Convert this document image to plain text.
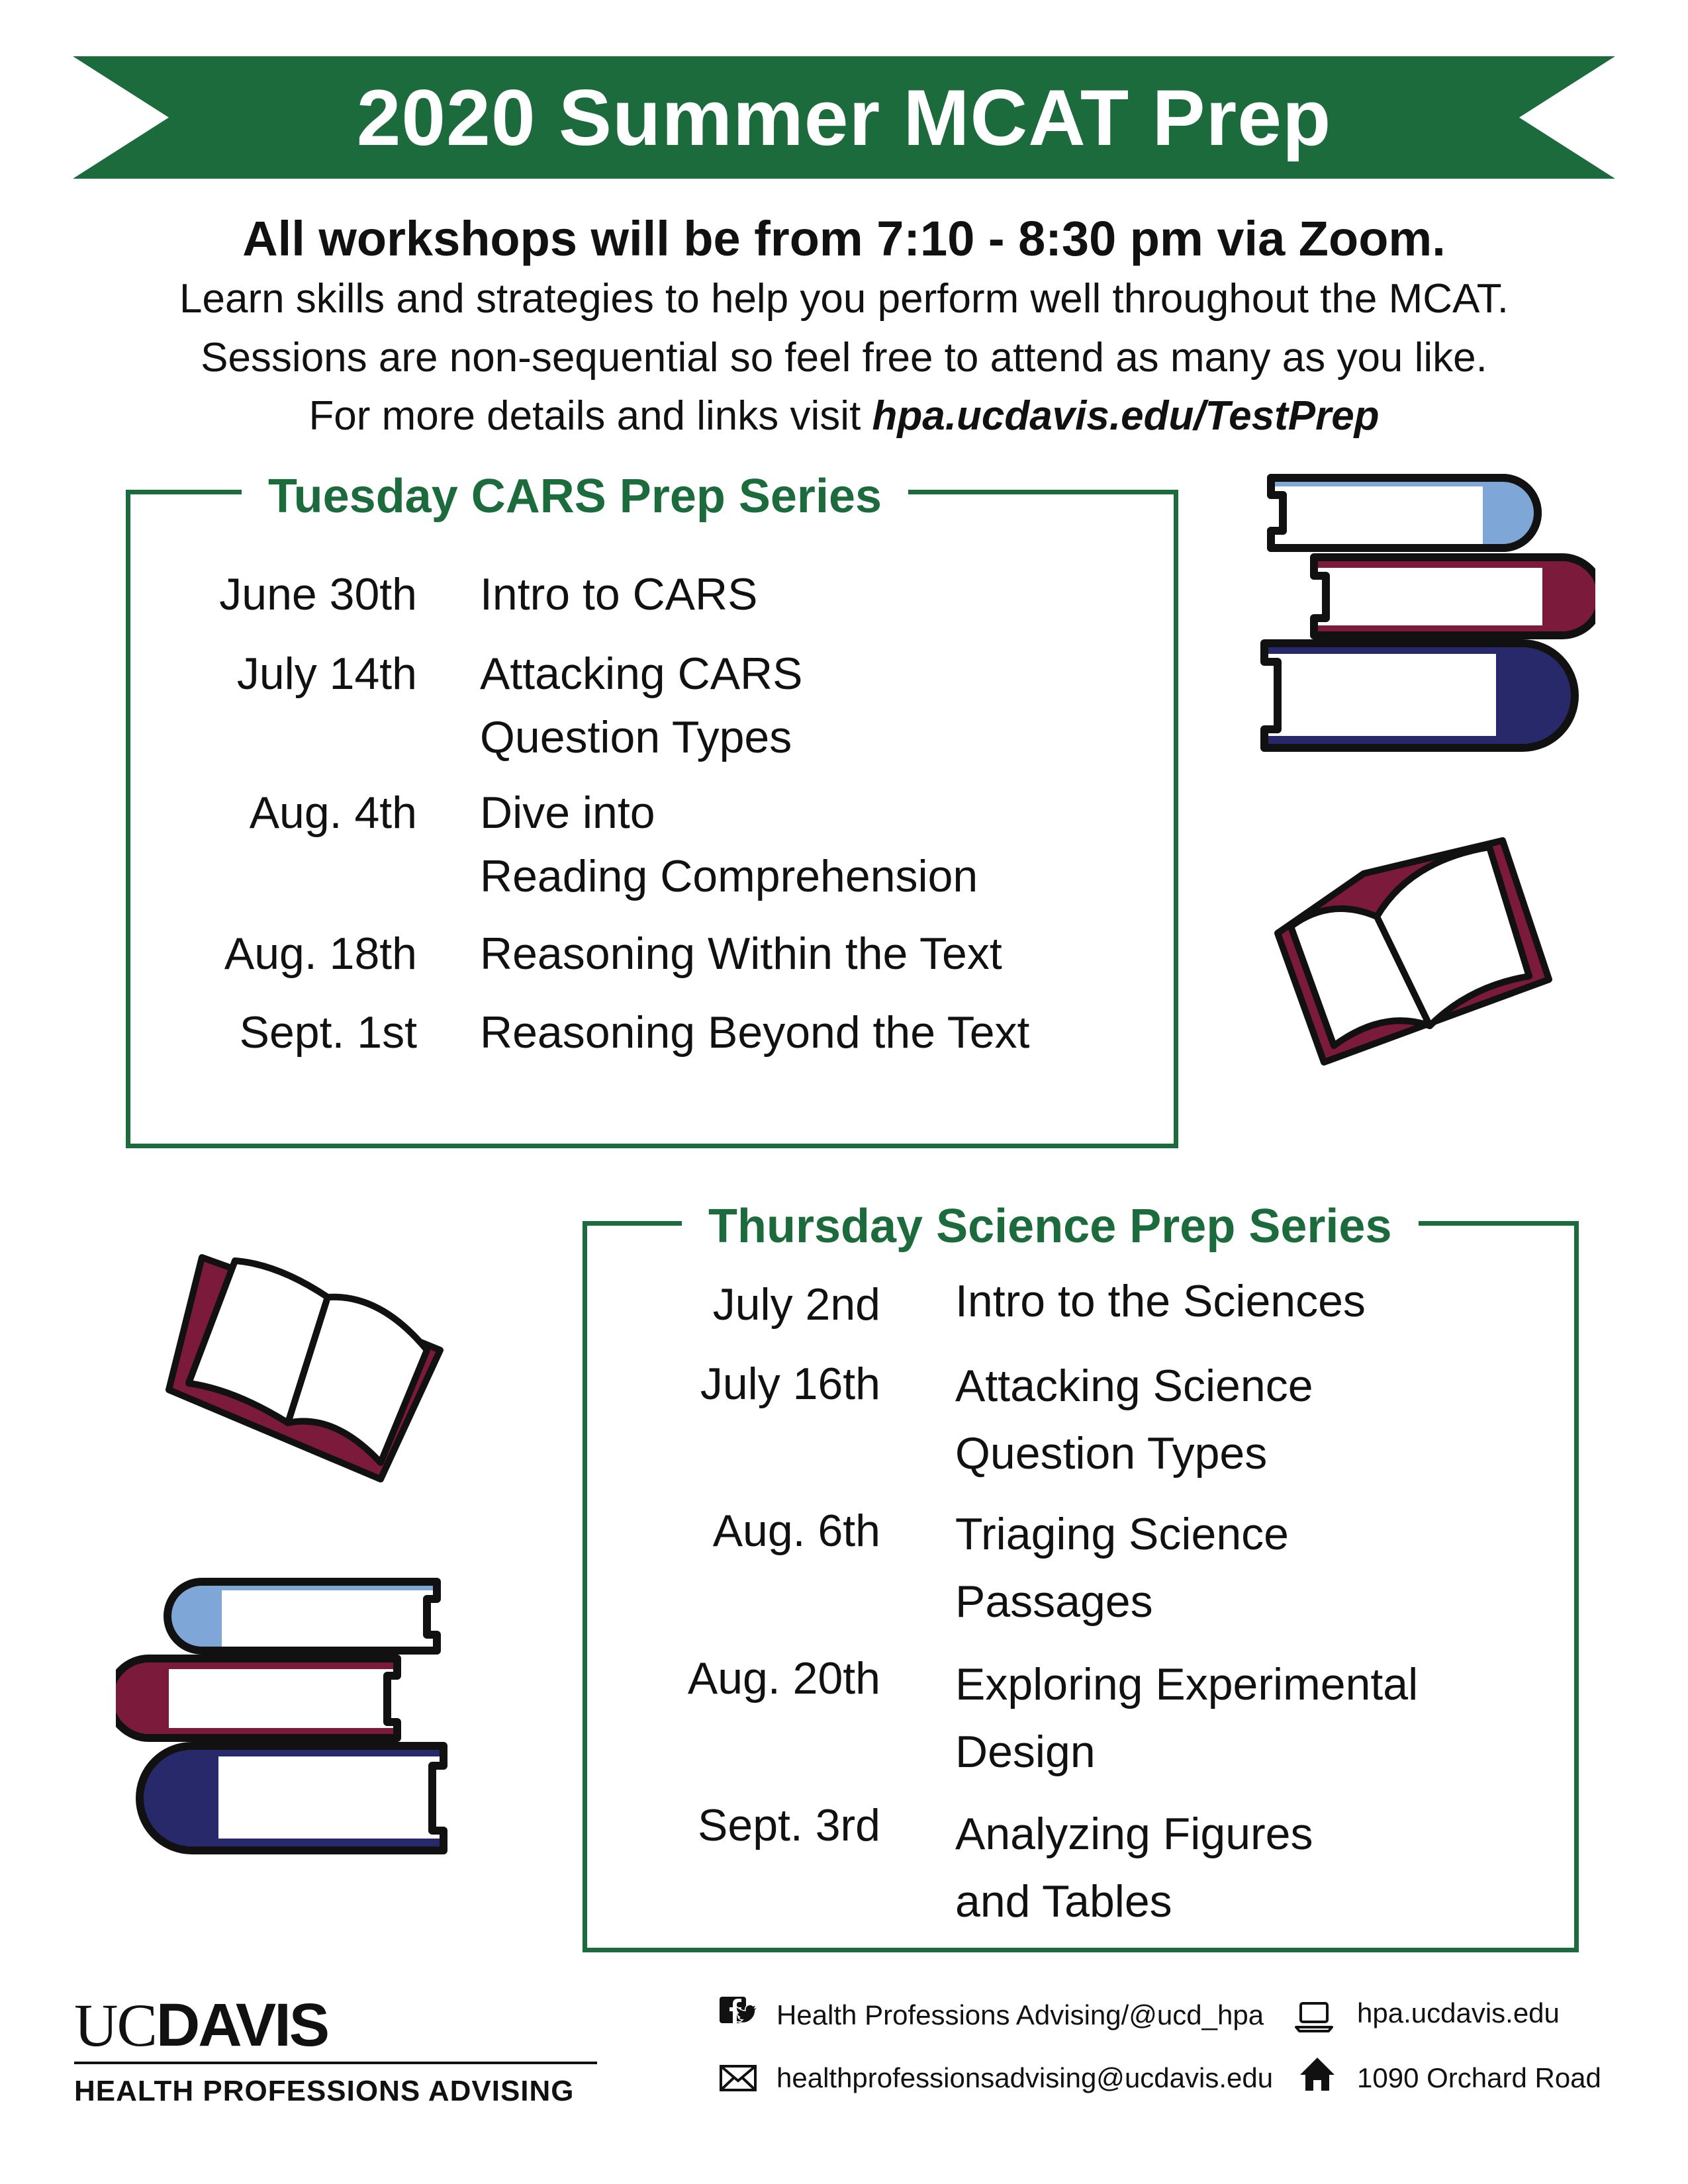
2020 Summer MCAT Prep
All workshops will be from 7:10 - 8:30 pm via Zoom.
Learn skills and strategies to help you perform well throughout the MCAT.
Sessions are non-sequential so feel free to attend as many as you like.
For more details and links visit hpa.ucdavis.edu/TestPrep
Tuesday CARS Prep Series
June 30th Intro to CARS
July 14th Attacking CARS
Question Types
Aug. 4th Dive into
Reading Comprehension
Aug. 18th Reasoning Within the Text
Sept. 1st Reasoning Beyond the Text
Thursday Science Prep Series
July 2nd Intro to the Sciences
July 16th Attacking Science
Question Types
Aug. 6th Triaging Science
Passages
Aug. 20th Exploring Experimental
Design
Sept. 3rd Analyzing Figures
and Tables
UCDAVIS
HEALTH PROFESSIONS ADVISING
Health Professions Advising/@ucd_hpa	hpa.ucdavis.edu
healthprofessionsadvising@ucdavis.edu	1090 Orchard Road
